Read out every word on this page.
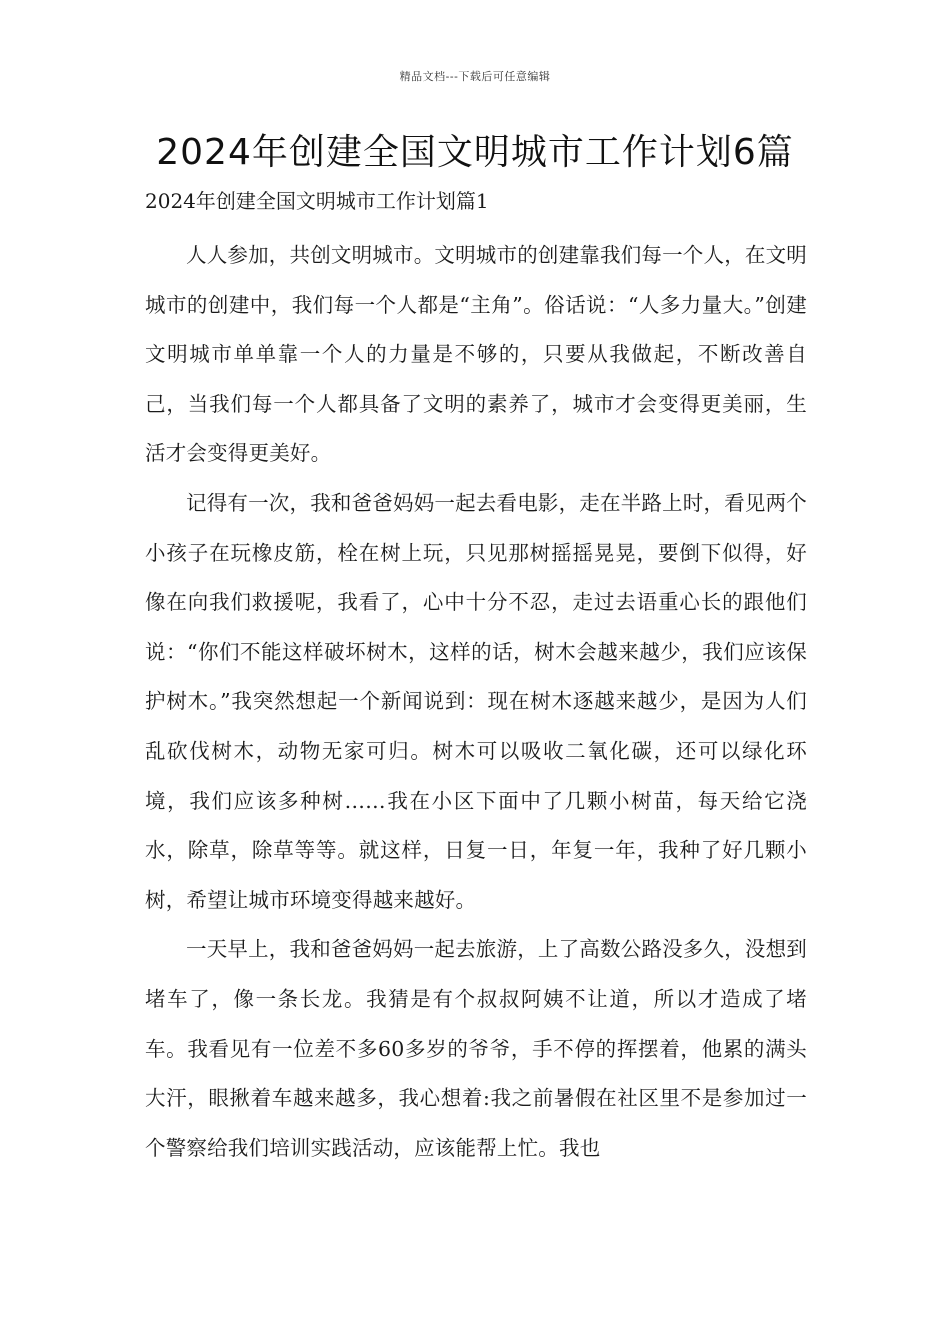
精品文档---下载后可任意编辑
2024年创建全国文明城市工作计划6篇

2024年创建全国文明城市工作计划篇1

人人参加，共创文明城市。文明城市的创建靠我们每一个人，在文明城市的创建中，我们每一个人都是“主角”。俗话说：“人多力量大。”创建文明城市单单靠一个人的力量是不够的，只要从我做起，不断改善自己，当我们每一个人都具备了文明的素养了，城市才会变得更美丽，生活才会变得更美好。

记得有一次，我和爸爸妈妈一起去看电影，走在半路上时，看见两个小孩子在玩橡皮筋，栓在树上玩，只见那树摇摇晃晃，要倒下似得，好像在向我们救援呢，我看了，心中十分不忍，走过去语重心长的跟他们说：“你们不能这样破坏树木，这样的话，树木会越来越少，我们应该保护树木。”我突然想起一个新闻说到：现在树木逐越来越少，是因为人们乱砍伐树木，动物无家可归。树木可以吸收二氧化碳，还可以绿化环境，我们应该多种树……我在小区下面中了几颗小树苗，每天给它浇水，除草，除草等等。就这样，日复一日，年复一年，我种了好几颗小树，希望让城市环境变得越来越好。

一天早上，我和爸爸妈妈一起去旅游，上了高数公路没多久，没想到堵车了，像一条长龙。我猜是有个叔叔阿姨不让道，所以才造成了堵车。我看见有一位差不多60多岁的爷爷，手不停的挥摆着，他累的满头大汗，眼揪着车越来越多，我心想着:我之前暑假在社区里不是参加过一个警察给我们培训实践活动，应该能帮上忙。我也
